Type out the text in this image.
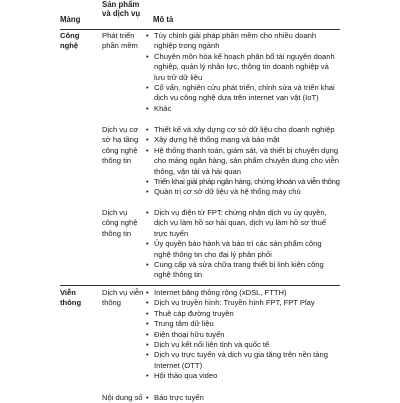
Sản phẩm và dịch vụ
Mảng	Mô tả
Công nghệ
Phát triển phần mềm
• Tùy chỉnh giải pháp phần mềm cho nhiều doanh nghiệp trong ngành
• Chuyên môn hóa kế hoạch phân bổ tài nguyên doanh nghiệp, quản lý nhân lực, thông tin doanh nghiệp và lưu trữ dữ liệu
• Cố vấn, nghiên cứu phát triển, chỉnh sửa và triển khai dịch vụ công nghệ dựa trên internet vạn vật (IoT)
• Khác
Dịch vụ cơ sở hạ tầng công nghệ thông tin
• Thiết kế và xây dựng cơ sở dữ liệu cho doanh nghiệp
• Xây dựng hệ thống mạng và bảo mật
• Hệ thống thanh toán, giám sát, và thiết bị chuyên dụng cho mảng ngân hàng, sản phẩm chuyên dụng cho viễn thông, vận tải và hải quan
• Triển khai giải pháp ngân hàng, chứng khoán và viễn thông
• Quản trị cơ sở dữ liệu và hệ thống máy chủ
Dịch vụ công nghệ thông tin
• Dịch vụ điện tử FPT: chứng nhận dịch vụ ủy quyền, dịch vụ làm hồ sơ hải quan, dịch vụ làm hồ sơ thuế trực tuyến
• Ủy quyền bảo hành và bảo trì các sản phẩm công nghệ thông tin cho đại lý phân phối
• Cung cấp và sửa chữa trang thiết bị linh kiện công nghệ thông tin
Viễn thông
Dịch vụ viễn thông
• Internet băng thông rộng (xDSL, FTTH)
• Dịch vụ truyền hình: Truyền hình FPT, FPT Play
• Thuê cáp đường truyền
• Trung tâm dữ liệu
• Điện thoại hữu tuyến
• Dịch vụ kết nối liên tỉnh và quốc tế
• Dịch vụ trực tuyến và dịch vụ gia tăng trên nền tảng Internet (OTT)
• Hội thảo qua video
Nội dung số
•	Báo trực tuyến
